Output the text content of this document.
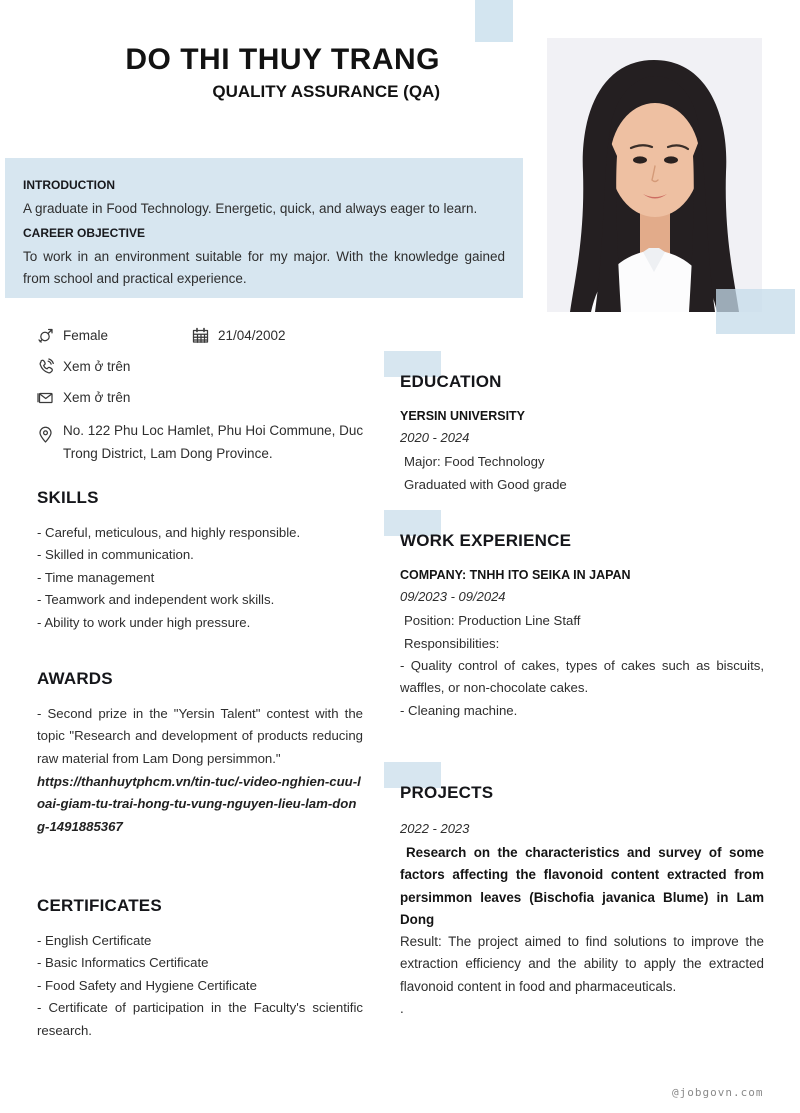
DO THI THUY TRANG
QUALITY ASSURANCE (QA)
INTRODUCTION
A graduate in Food Technology. Energetic, quick, and always eager to learn.
CAREER OBJECTIVE
To work in an environment suitable for my major. With the knowledge gained from school and practical experience.
Female	21/04/2002
Xem ở trên
Xem ở trên
No. 122 Phu Loc Hamlet, Phu Hoi Commune, Duc Trong District, Lam Dong Province.
SKILLS
- Careful, meticulous, and highly responsible.
- Skilled in communication.
- Time management
- Teamwork and independent work skills.
- Ability to work under high pressure.
AWARDS
- Second prize in the "Yersin Talent" contest with the topic "Research and development of products reducing raw material from Lam Dong persimmon."
https://thanhuytphcm.vn/tin-tuc/-video-nghien-cuu-loai-giam-tu-trai-hong-tu-vung-nguyen-lieu-lam-dong-1491885367
CERTIFICATES
- English Certificate
- Basic Informatics Certificate
- Food Safety and Hygiene Certificate
- Certificate of participation in the Faculty's scientific research.
EDUCATION
YERSIN UNIVERSITY
2020 - 2024
Major: Food Technology
Graduated with Good grade
WORK EXPERIENCE
COMPANY: TNHH ITO SEIKA IN JAPAN
09/2023 - 09/2024
Position: Production Line Staff
Responsibilities:
- Quality control of cakes, types of cakes such as biscuits, waffles, or non-chocolate cakes.
- Cleaning machine.
PROJECTS
2022 - 2023
Research on the characteristics and survey of some factors affecting the flavonoid content extracted from persimmon leaves (Bischofia javanica Blume) in Lam Dong
Result: The project aimed to find solutions to improve the extraction efficiency and the ability to apply the extracted flavonoid content in food and pharmaceuticals.
.
@jobgovn.com
